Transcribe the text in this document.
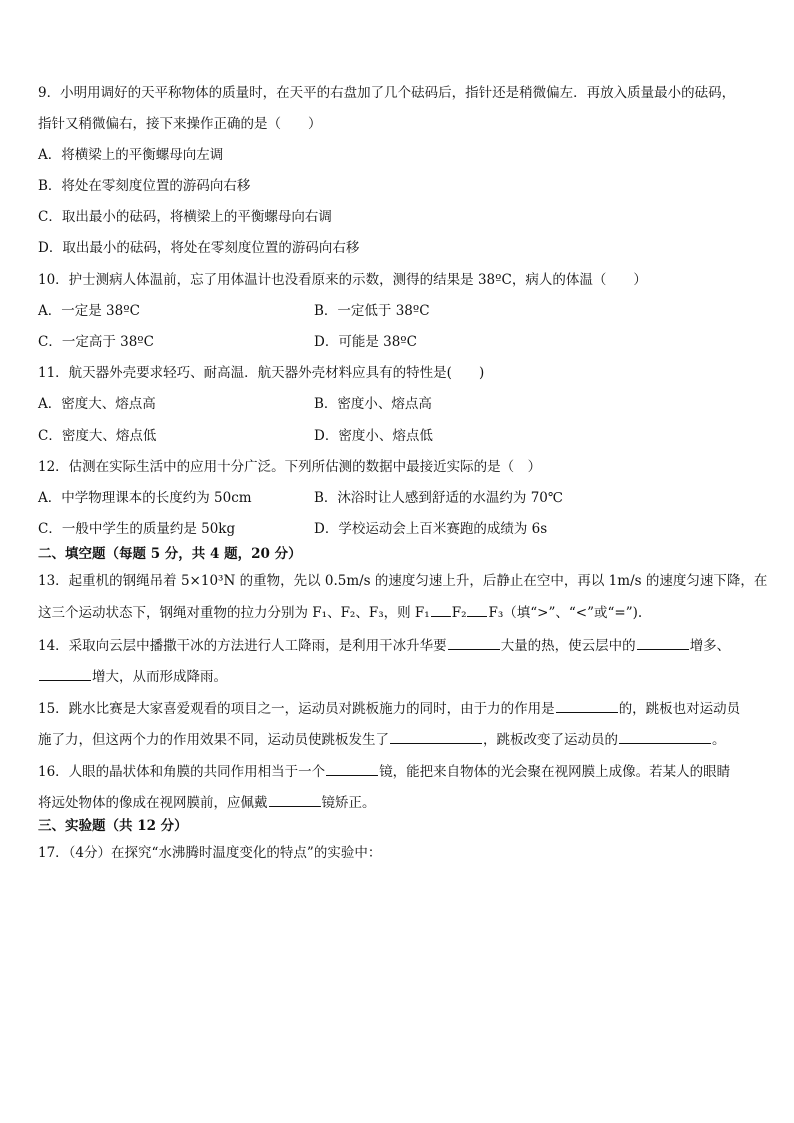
9．小明用调好的天平称物体的质量时，在天平的右盘加了几个砝码后，指针还是稍微偏左．再放入质量最小的砝码，
指针又稍微偏右，接下来操作正确的是（　　）
A．将横梁上的平衡螺母向左调
B．将处在零刻度位置的游码向右移
C．取出最小的砝码，将横梁上的平衡螺母向右调
D．取出最小的砝码，将处在零刻度位置的游码向右移
10．护士测病人体温前，忘了用体温计也没看原来的示数，测得的结果是 38ºC，病人的体温（　　）
A．一定是 38ºC	B．一定低于 38ºC
C．一定高于 38ºC	D．可能是 38ºC
11．航天器外壳要求轻巧、耐高温．航天器外壳材料应具有的特性是(　　)
A．密度大、熔点高	B．密度小、熔点高
C．密度大、熔点低	D．密度小、熔点低
12．估测在实际生活中的应用十分广泛。下列所估测的数据中最接近实际的是（　）
A．中学物理课本的长度约为 50cm	B．沐浴时让人感到舒适的水温约为 70℃
C．一般中学生的质量约是 50kg	D．学校运动会上百米赛跑的成绩为 6s
二、填空题（每题 5 分，共 4 题，20 分）
13．起重机的钢绳吊着 5×10³N 的重物，先以 0.5m/s 的速度匀速上升，后静止在空中，再以 1m/s 的速度匀速下降，在
这三个运动状态下，钢绳对重物的拉力分别为 F₁、F₂、F₃，则 F₁ F₂ F₃（填“>”、“<”或“=”).
14．采取向云层中播撒干冰的方法进行人工降雨，是利用干冰升华要	大量的热，使云层中的	增多、
增大，从而形成降雨。
15．跳水比赛是大家喜爱观看的项目之一，运动员对跳板施力的同时，由于力的作用是	的，跳板也对运动员
施了力，但这两个力的作用效果不同，运动员使跳板发生了	，跳板改变了运动员的	。
16．人眼的晶状体和角膜的共同作用相当于一个	镜，能把来自物体的光会聚在视网膜上成像。若某人的眼睛
将远处物体的像成在视网膜前，应佩戴	镜矫正。
三、实验题（共 12 分）
17．（4分）在探究“水沸腾时温度变化的特点”的实验中：
